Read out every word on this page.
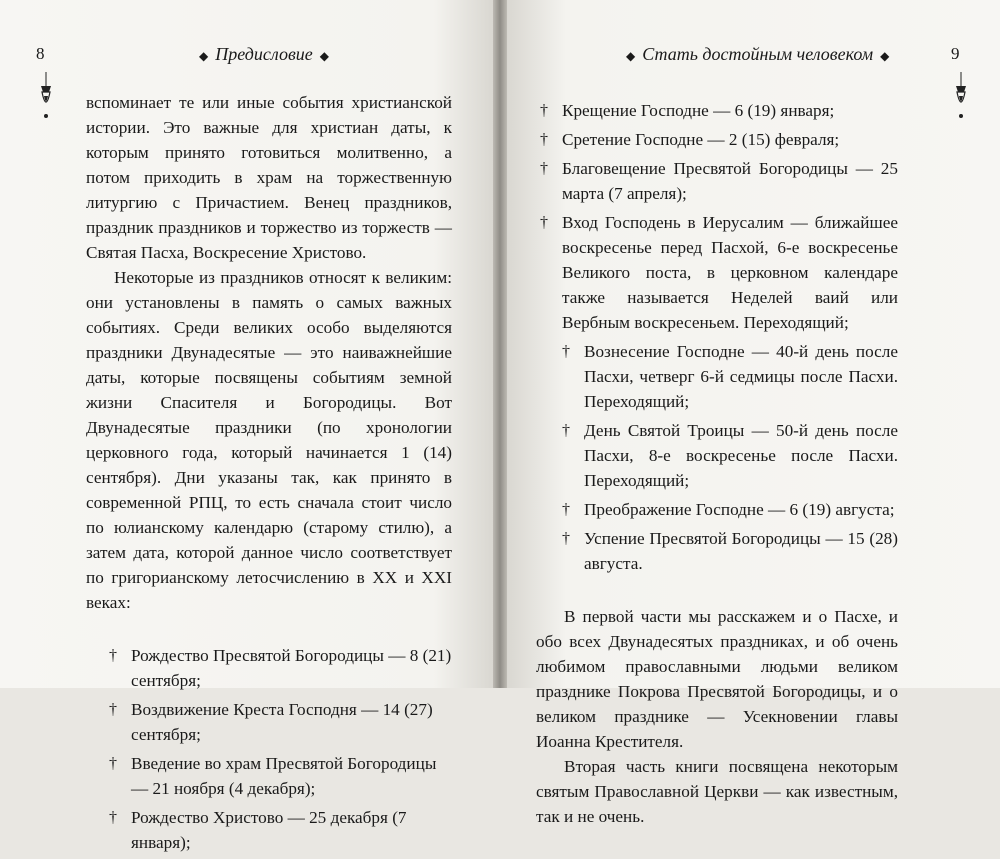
8	◆ Предисловие ◆

вспоминает те или иные события христианской истории. Это важные для христиан даты, к которым принято готовиться молитвенно, а потом приходить в храм на торжественную литургию с Причастием. Венец праздников, праздник праздников и торжество из торжеств — Святая Пасха, Воскресение Христово.

Некоторые из праздников относят к великим: они установлены в память о самых важных событиях. Среди великих особо выделяются праздники Двунадесятые — это наиважнейшие даты, которые посвящены событиям земной жизни Спасителя и Богородицы. Вот Двунадесятые праздники (по хронологии церковного года, который начинается 1 (14) сентября). Дни указаны так, как принято в современной РПЦ, то есть сначала стоит число по юлианскому календарю (старому стилю), а затем дата, которой данное число соответствует по григорианскому летосчислению в XX и XXI веках:

† Рождество Пресвятой Богородицы — 8 (21) сентября;
† Воздвижение Креста Господня — 14 (27) сентября;
† Введение во храм Пресвятой Богородицы — 21 ноября (4 декабря);
† Рождество Христово — 25 декабря (7 января);
◆ Стать достойным человеком ◆	9
† Крещение Господне — 6 (19) января;
† Сретение Господне — 2 (15) февраля;
† Благовещение Пресвятой Богородицы — 25 марта (7 апреля);
† Вход Господень в Иерусалим — ближайшее воскресенье перед Пасхой, 6-е воскресенье Великого поста, в церковном календаре также называется Неделей ваий или Вербным воскресеньем. Переходящий;
† Вознесение Господне — 40-й день после Пасхи, четверг 6-й седмицы после Пасхи. Переходящий;
† День Святой Троицы — 50-й день после Пасхи, 8-е воскресенье после Пасхи. Переходящий;
† Преображение Господне — 6 (19) августа;
† Успение Пресвятой Богородицы — 15 (28) августа.

В первой части мы расскажем и о Пасхе, и обо всех Двунадесятых праздниках, и об очень любимом православными людьми великом празднике Покрова Пресвятой Богородицы, и о великом празднике — Усекновении главы Иоанна Крестителя.

Вторая часть книги посвящена некоторым святым Православной Церкви — как известным, так и не очень.
